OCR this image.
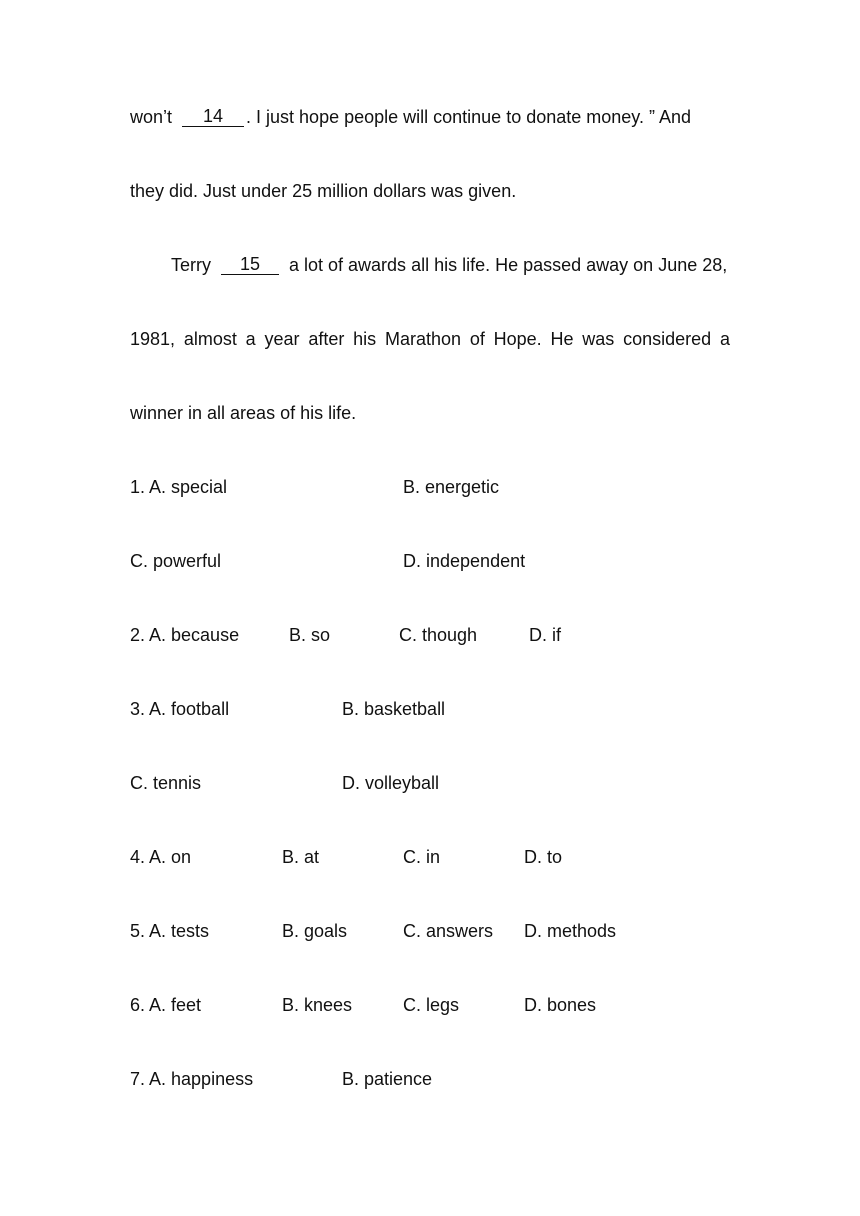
won’t 14 . I just hope people will continue to donate money. ” And
they did. Just under 25 million dollars was given.
Terry 15 a lot of awards all his life. He passed away on June 28,
1981, almost a year after his Marathon of Hope. He was considered a
winner in all areas of his life.
1. A. special	B. energetic
C. powerful	D. independent
2. A. because	B. so	C. though	D. if
3. A. football	B. basketball
C. tennis	D. volleyball
4. A. on	B. at	C. in	D. to
5. A. tests	B. goals	C. answers D. methods
6. A. feet	B. knees	C. legs	D. bones
7. A. happiness	B. patience
